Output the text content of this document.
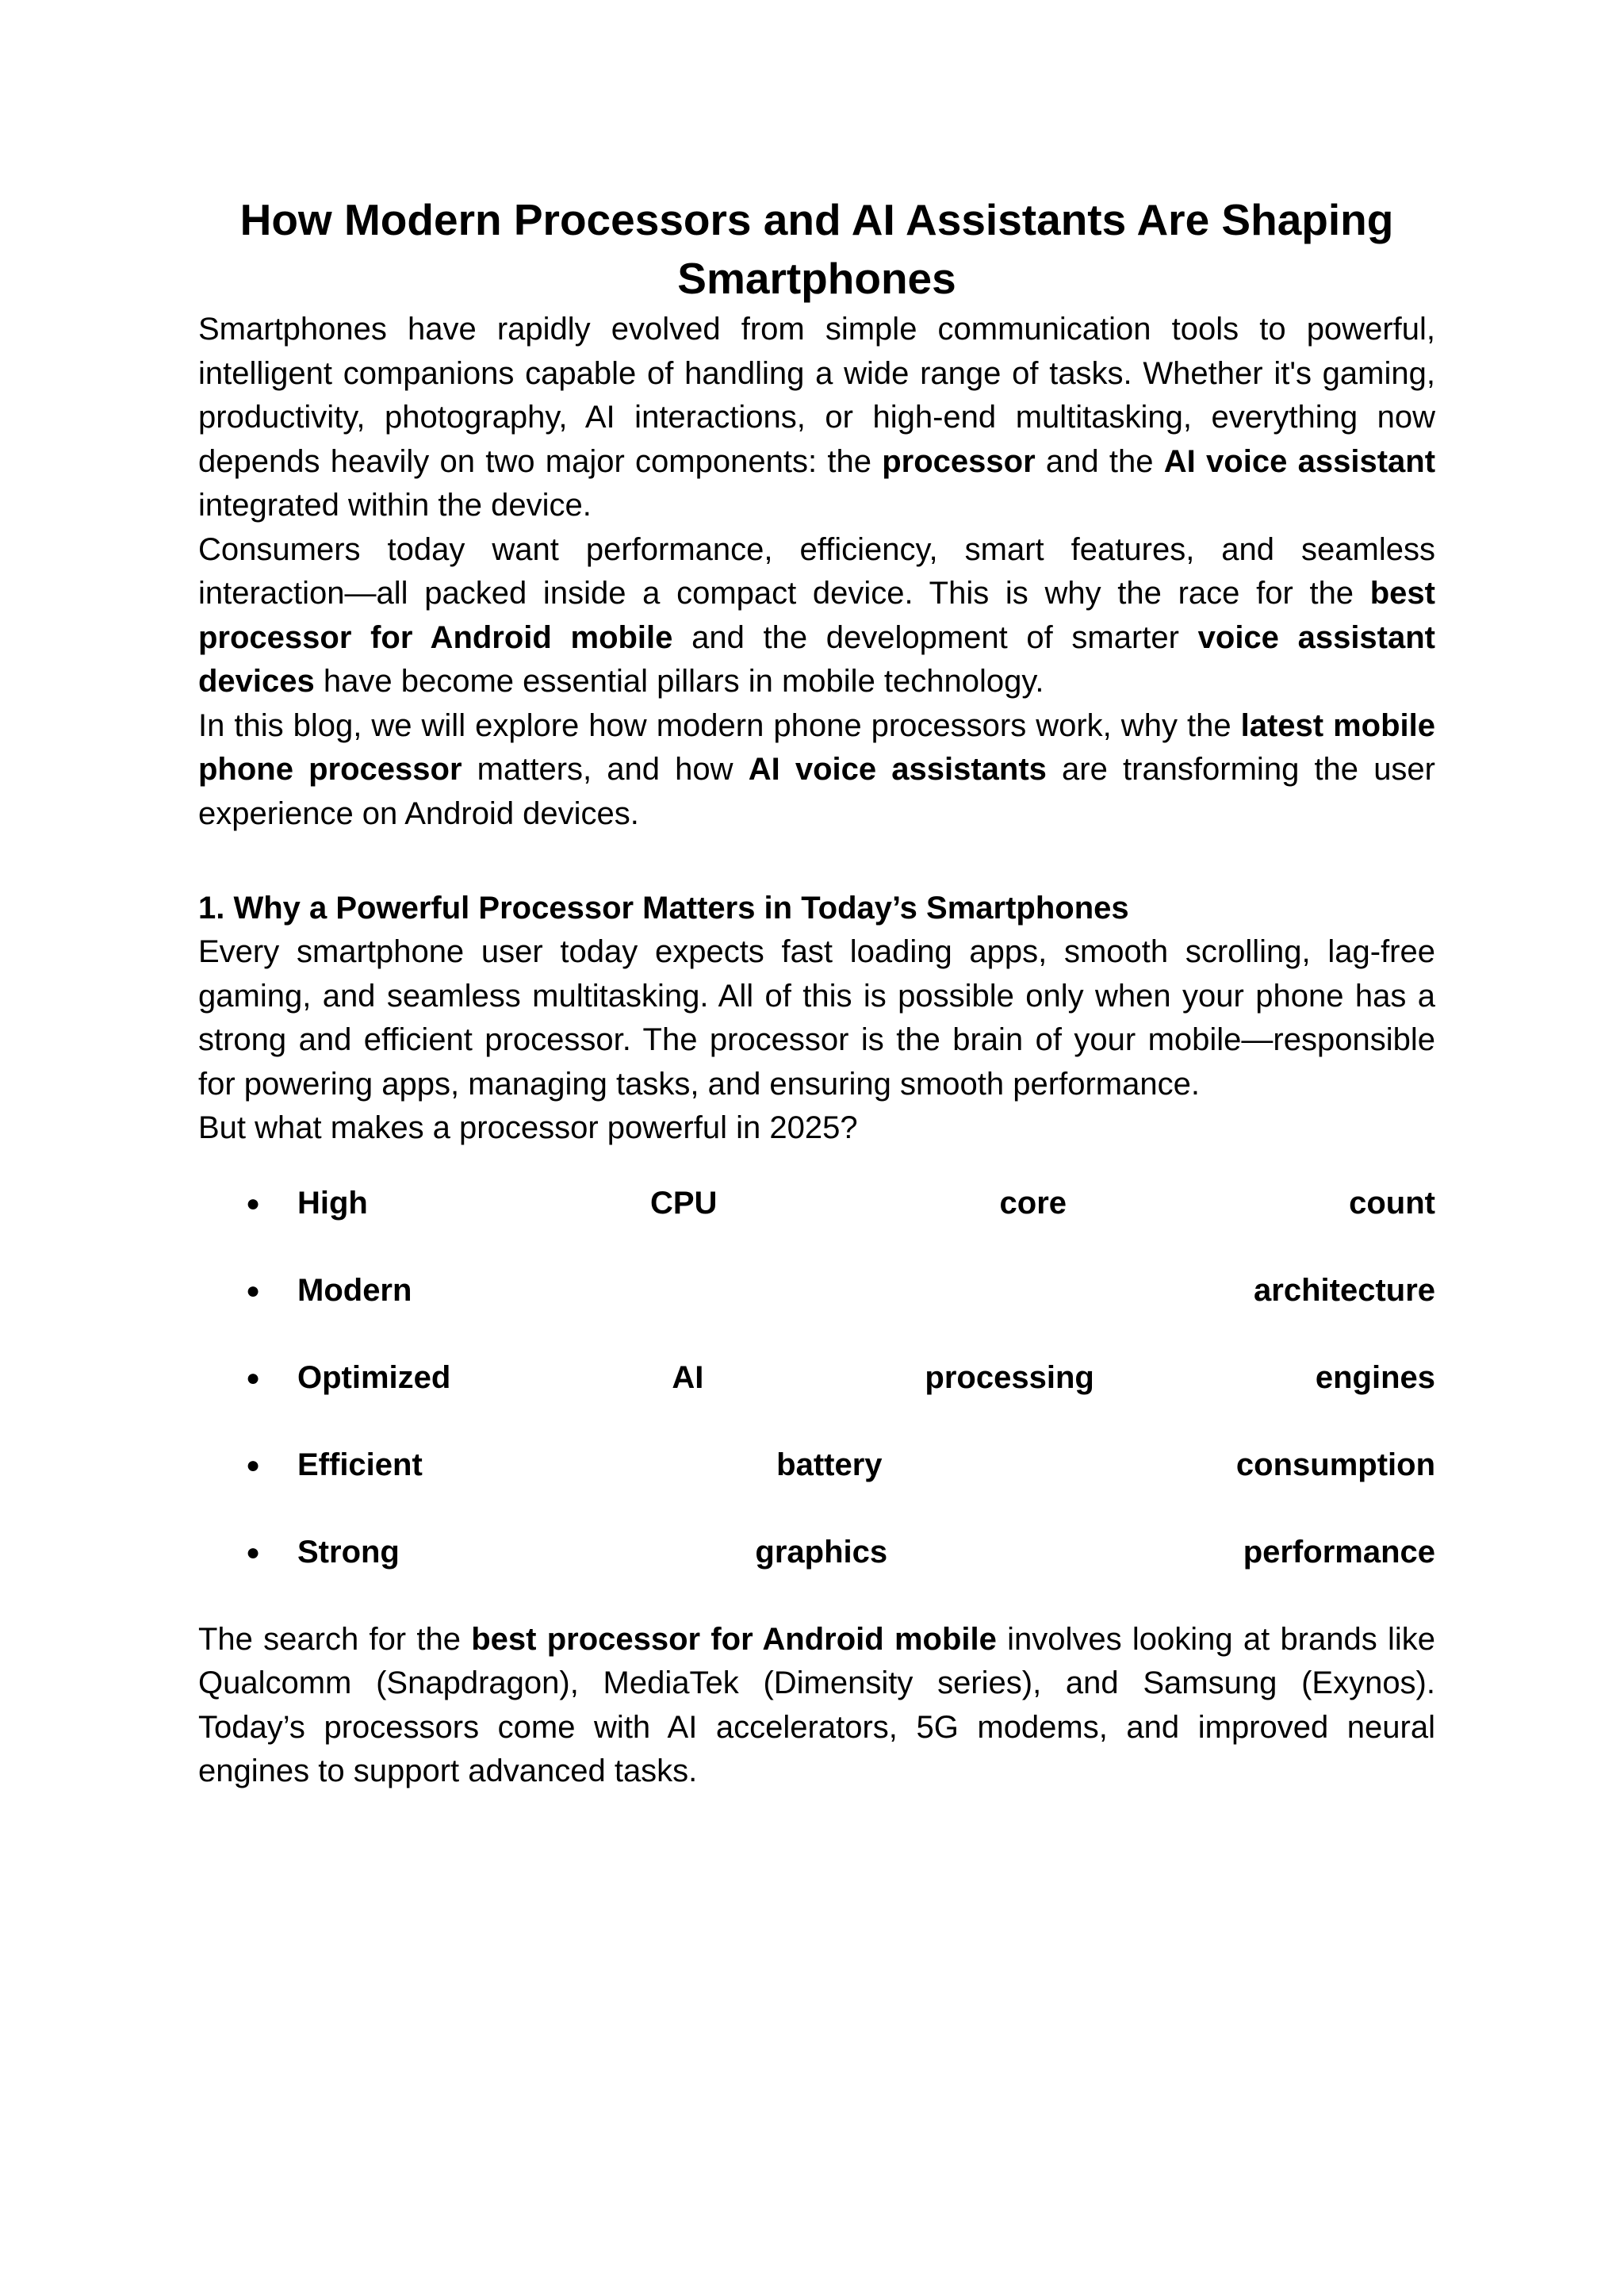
How Modern Processors and AI Assistants Are Shaping Smartphones

Smartphones have rapidly evolved from simple communication tools to powerful, intelligent companions capable of handling a wide range of tasks. Whether it's gaming, productivity, photography, AI interactions, or high-end multitasking, everything now depends heavily on two major components: the processor and the AI voice assistant integrated within the device.

Consumers today want performance, efficiency, smart features, and seamless interaction—all packed inside a compact device. This is why the race for the best processor for Android mobile and the development of smarter voice assistant devices have become essential pillars in mobile technology.

In this blog, we will explore how modern phone processors work, why the latest mobile phone processor matters, and how AI voice assistants are transforming the user experience on Android devices.

1. Why a Powerful Processor Matters in Today’s Smartphones

Every smartphone user today expects fast loading apps, smooth scrolling, lag-free gaming, and seamless multitasking. All of this is possible only when your phone has a strong and efficient processor. The processor is the brain of your mobile—responsible for powering apps, managing tasks, and ensuring smooth performance.

But what makes a processor powerful in 2025?

● High	CPU	core	count
● Modern	architecture
● Optimized	AI	processing	engines
● Efficient	battery	consumption
● Strong	graphics	performance

The search for the best processor for Android mobile involves looking at brands like Qualcomm (Snapdragon), MediaTek (Dimensity series), and Samsung (Exynos). Today’s processors come with AI accelerators, 5G modems, and improved neural engines to support advanced tasks.
